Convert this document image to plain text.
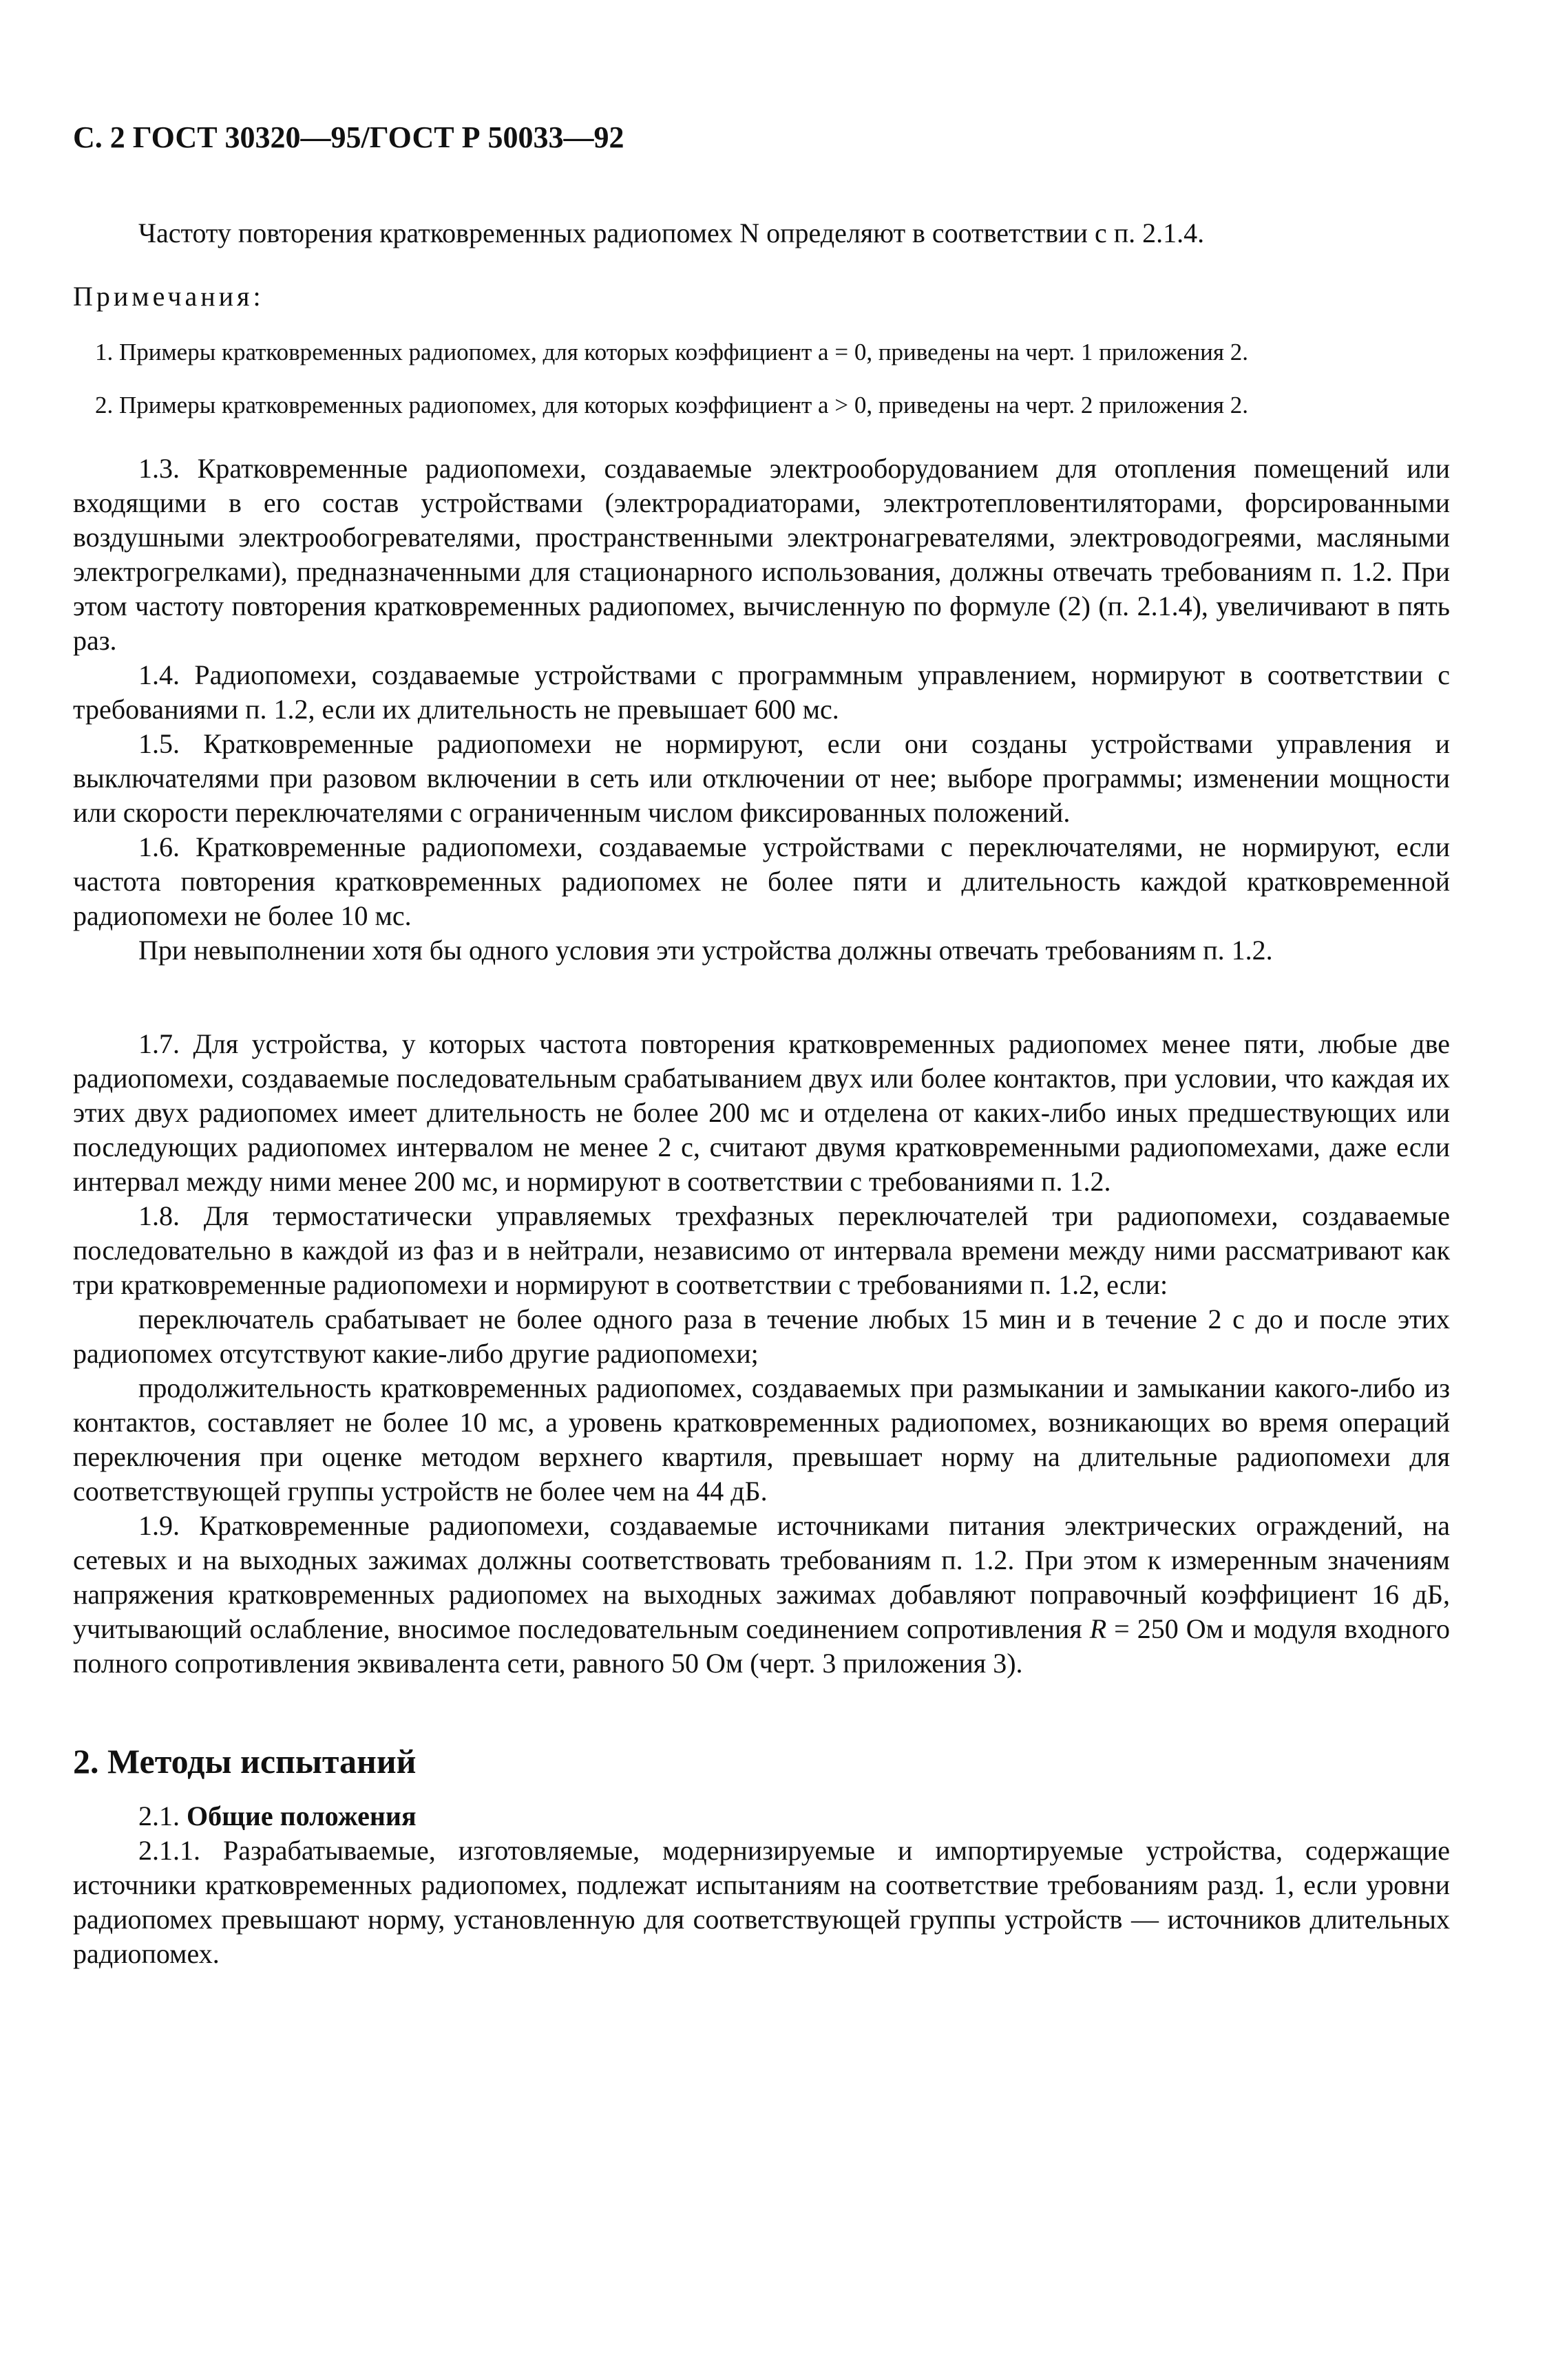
С. 2 ГОСТ 30320—95/ГОСТ Р 50033—92

Частоту повторения кратковременных радиопомех N определяют в соответствии с п. 2.1.4.

Примечания:

1. Примеры кратковременных радиопомех, для которых коэффициент a = 0, приведены на черт. 1 приложения 2.

2. Примеры кратковременных радиопомех, для которых коэффициент a > 0, приведены на черт. 2 приложения 2.

1.3. Кратковременные радиопомехи, создаваемые электрооборудованием для отопления помещений или входящими в его состав устройствами (электрорадиаторами, электротепловентиляторами, форсированными воздушными электрообогревателями, пространственными электронагревателями, электроводогреями, масляными электрогрелками), предназначенными для стационарного использования, должны отвечать требованиям п. 1.2. При этом частоту повторения кратковременных радиопомех, вычисленную по формуле (2) (п. 2.1.4), увеличивают в пять раз.

1.4. Радиопомехи, создаваемые устройствами с программным управлением, нормируют в соответствии с требованиями п. 1.2, если их длительность не превышает 600 мс.

1.5. Кратковременные радиопомехи не нормируют, если они созданы устройствами управления и выключателями при разовом включении в сеть или отключении от нее; выборе программы; изменении мощности или скорости переключателями с ограниченным числом фиксированных положений.

1.6. Кратковременные радиопомехи, создаваемые устройствами с переключателями, не нормируют, если частота повторения кратковременных радиопомех не более пяти и длительность каждой кратковременной радиопомехи не более 10 мс.

При невыполнении хотя бы одного условия эти устройства должны отвечать требованиям п. 1.2.

1.7. Для устройства, у которых частота повторения кратковременных радиопомех менее пяти, любые две радиопомехи, создаваемые последовательным срабатыванием двух или более контактов, при условии, что каждая их этих двух радиопомех имеет длительность не более 200 мс и отделена от каких-либо иных предшествующих или последующих радиопомех интервалом не менее 2 с, считают двумя кратковременными радиопомехами, даже если интервал между ними менее 200 мс, и нормируют в соответствии с требованиями п. 1.2.

1.8. Для термостатически управляемых трехфазных переключателей три радиопомехи, создаваемые последовательно в каждой из фаз и в нейтрали, независимо от интервала времени между ними рассматривают как три кратковременные радиопомехи и нормируют в соответствии с требованиями п. 1.2, если:

переключатель срабатывает не более одного раза в течение любых 15 мин и в течение 2 с до и после этих радиопомех отсутствуют какие-либо другие радиопомехи;

продолжительность кратковременных радиопомех, создаваемых при размыкании и замыкании какого-либо из контактов, составляет не более 10 мс, а уровень кратковременных радиопомех, возникающих во время операций переключения при оценке методом верхнего квартиля, превышает норму на длительные радиопомехи для соответствующей группы устройств не более чем на 44 дБ.

1.9. Кратковременные радиопомехи, создаваемые источниками питания электрических ограждений, на сетевых и на выходных зажимах должны соответствовать требованиям п. 1.2. При этом к измеренным значениям напряжения кратковременных радиопомех на выходных зажимах добавляют поправочный коэффициент 16 дБ, учитывающий ослабление, вносимое последовательным соединением сопротивления R = 250 Ом и модуля входного полного сопротивления эквивалента сети, равного 50 Ом (черт. 3 приложения 3).

2. Методы испытаний

2.1. Общие положения

2.1.1. Разрабатываемые, изготовляемые, модернизируемые и импортируемые устройства, содержащие источники кратковременных радиопомех, подлежат испытаниям на соответствие требованиям разд. 1, если уровни радиопомех превышают норму, установленную для соответствующей группы устройств — источников длительных радиопомех.
